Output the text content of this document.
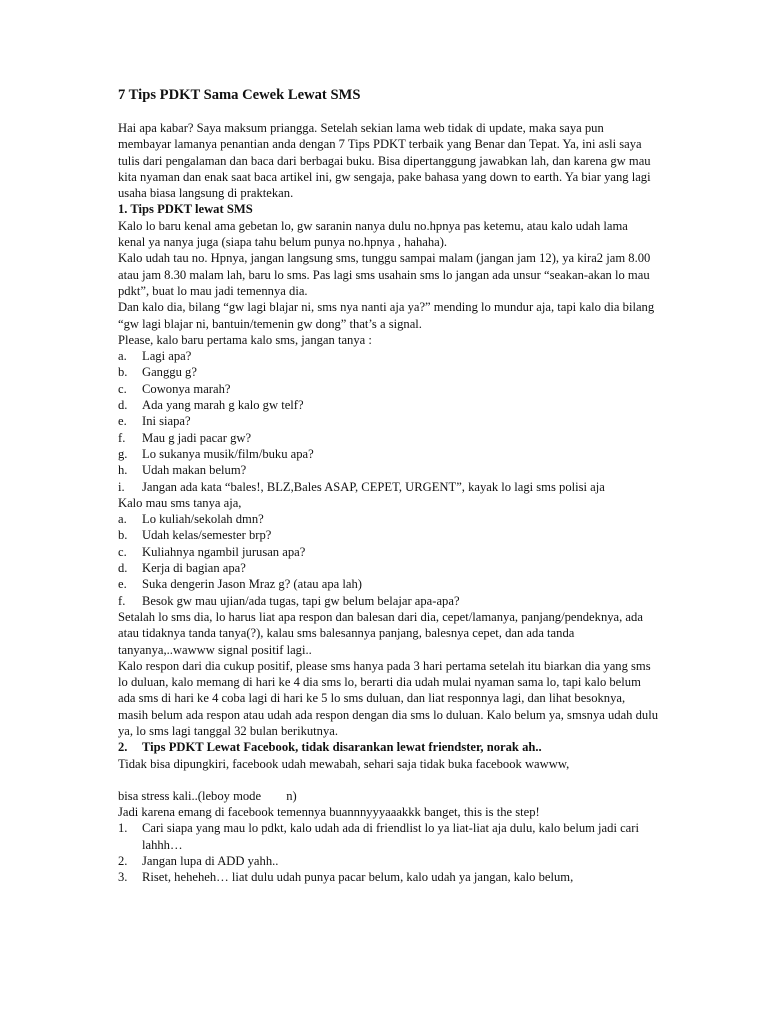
7 Tips PDKT Sama Cewek Lewat SMS

Hai apa kabar? Saya maksum priangga. Setelah sekian lama web tidak di update, maka saya pun membayar lamanya penantian anda dengan 7 Tips PDKT terbaik yang Benar dan Tepat. Ya, ini asli saya tulis dari pengalaman dan baca dari berbagai buku. Bisa dipertanggung jawabkan lah, dan karena gw mau kita nyaman dan enak saat baca artikel ini, gw sengaja, pake bahasa yang down to earth. Ya biar yang lagi usaha biasa langsung di praktekan.

1. Tips PDKT lewat SMS

Kalo lo baru kenal ama gebetan lo, gw saranin nanya dulu no.hpnya pas ketemu, atau kalo udah lama kenal ya nanya juga (siapa tahu belum punya no.hpnya , hahaha).

Kalo udah tau no. Hpnya, jangan langsung sms, tunggu sampai malam (jangan jam 12), ya kira2 jam 8.00 atau jam 8.30 malam lah, baru lo sms. Pas lagi sms usahain sms lo jangan ada unsur “seakan-akan lo mau pdkt”, buat lo mau jadi temennya dia.

Dan kalo dia, bilang “gw lagi blajar ni, sms nya nanti aja ya?” mending lo mundur aja, tapi kalo dia bilang “gw lagi blajar ni, bantuin/temenin gw dong” that’s a signal.

Please, kalo baru pertama kalo sms, jangan tanya :

a.	Lagi apa?
b.	Ganggu g?
c.	Cowonya marah?
d.	Ada yang marah g kalo gw telf?
e.	Ini siapa?
f.	Mau g jadi pacar gw?
g.	Lo sukanya musik/film/buku apa?
h.	Udah makan belum?
i.	Jangan ada kata “bales!, BLZ,Bales ASAP, CEPET, URGENT”, kayak lo lagi sms polisi aja

Kalo mau sms tanya aja,

a.	Lo kuliah/sekolah dmn?
b.	Udah kelas/semester brp?
c.	Kuliahnya ngambil jurusan apa?
d.	Kerja di bagian apa?
e.	Suka dengerin Jason Mraz g? (atau apa lah)
f.	Besok gw mau ujian/ada tugas, tapi gw belum belajar apa-apa?

Setalah lo sms dia, lo harus liat apa respon dan balesan dari dia, cepet/lamanya, panjang/pendeknya, ada atau tidaknya tanda tanya(?), kalau sms balesannya panjang, balesnya cepet, dan ada tanda tanyanya,..wawww signal positif lagi..

Kalo respon dari dia cukup positif, please sms hanya pada 3 hari pertama setelah itu biarkan dia yang sms lo duluan, kalo memang di hari ke 4 dia sms lo, berarti dia udah mulai nyaman sama lo, tapi kalo belum ada sms di hari ke 4 coba lagi di hari ke 5 lo sms duluan, dan liat responnya lagi, dan lihat besoknya, masih belum ada respon atau udah ada respon dengan dia sms lo duluan. Kalo belum ya, smsnya udah dulu ya, lo sms lagi tanggal 32 bulan berikutnya.

2.	Tips PDKT Lewat Facebook, tidak disarankan lewat friendster, norak ah..

Tidak bisa dipungkiri, facebook udah mewabah, sehari saja tidak buka facebook wawww,

bisa stress kali..(leboy mode        n)

Jadi karena emang di facebook temennya buannnyyyaaakkk banget, this is the step!

1.	Cari siapa yang mau lo pdkt, kalo udah ada di friendlist lo ya liat-liat aja dulu, kalo belum jadi cari lahhh…
2.	Jangan lupa di ADD yahh..
3.	Riset, heheheh… liat dulu udah punya pacar belum, kalo udah ya jangan, kalo belum,
